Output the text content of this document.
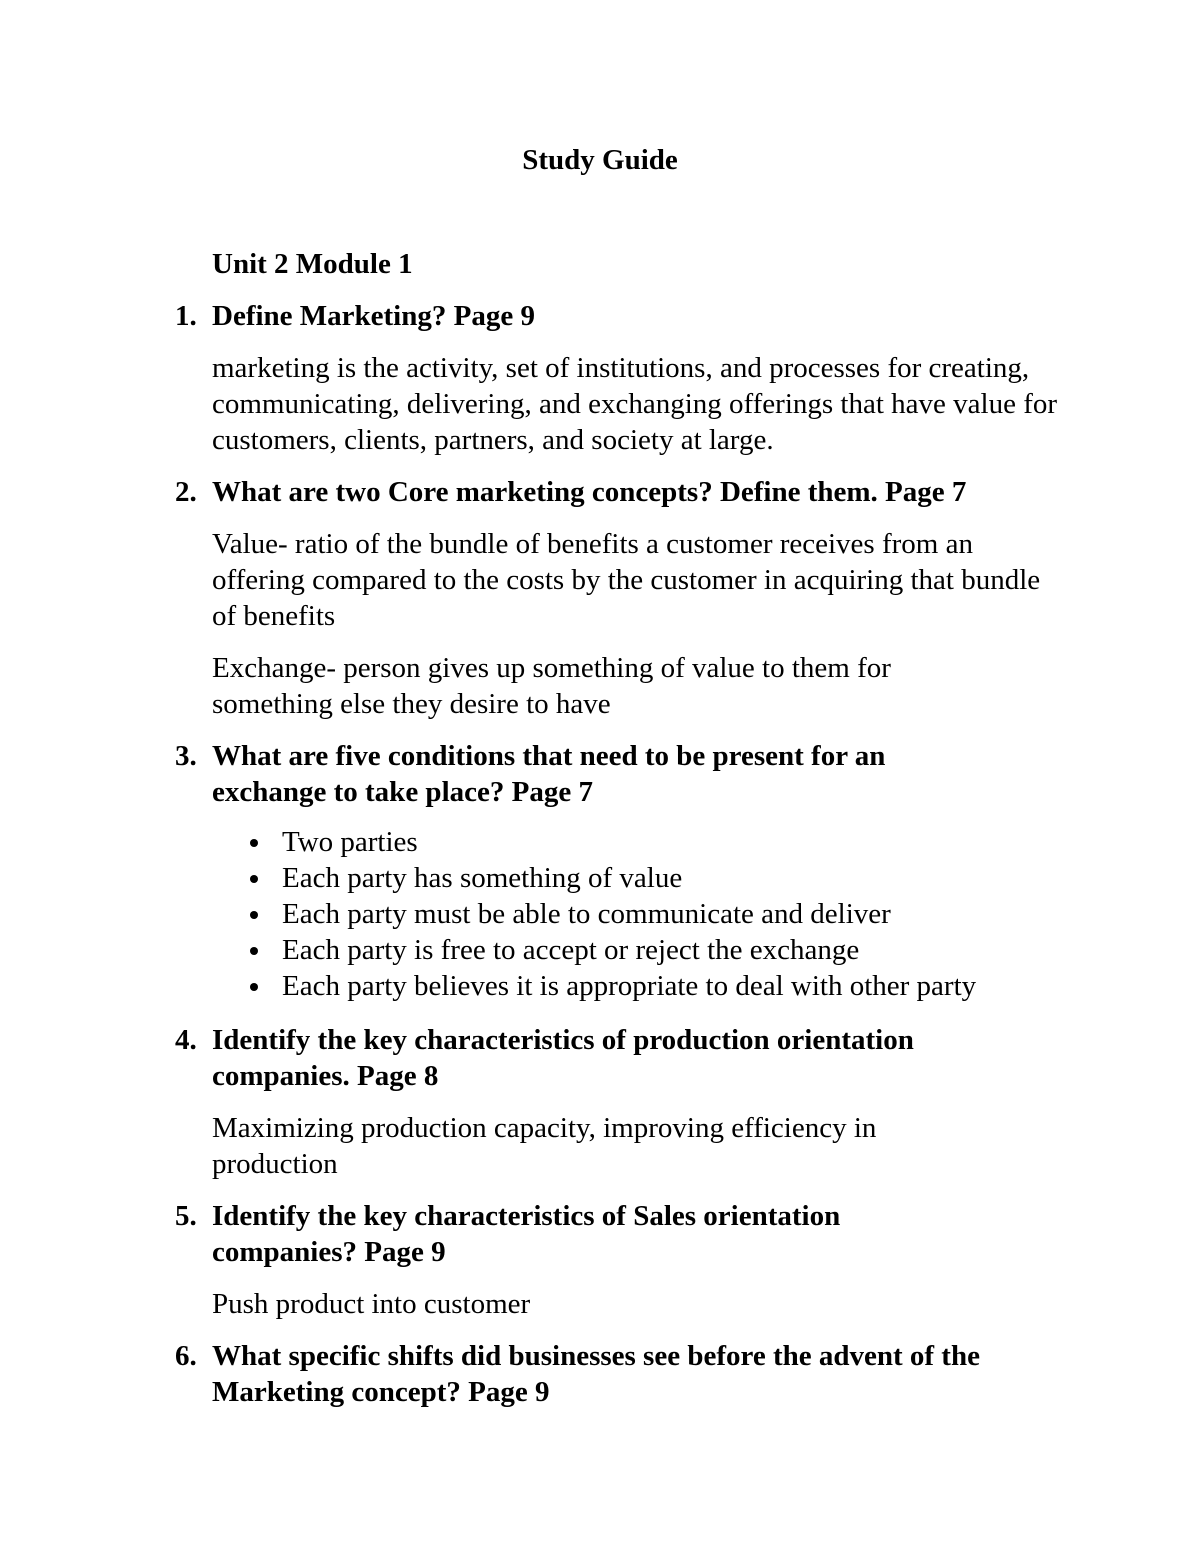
Study Guide

Unit 2 Module 1

1. Define Marketing? Page 9

marketing is the activity, set of institutions, and processes for creating, communicating, delivering, and exchanging offerings that have value for customers, clients, partners, and society at large.

2. What are two Core marketing concepts? Define them. Page 7

Value- ratio of the bundle of benefits a customer receives from an offering compared to the costs by the customer in acquiring that bundle of benefits

Exchange- person gives up something of value to them for something else they desire to have

3. What are five conditions that need to be present for an exchange to take place? Page 7

Two parties
Each party has something of value
Each party must be able to communicate and deliver
Each party is free to accept or reject the exchange
Each party believes it is appropriate to deal with other party

4. Identify the key characteristics of production orientation companies. Page 8

Maximizing production capacity, improving efficiency in production

5. Identify the key characteristics of Sales orientation companies? Page 9

Push product into customer

6. What specific shifts did businesses see before the advent of the Marketing concept? Page 9
